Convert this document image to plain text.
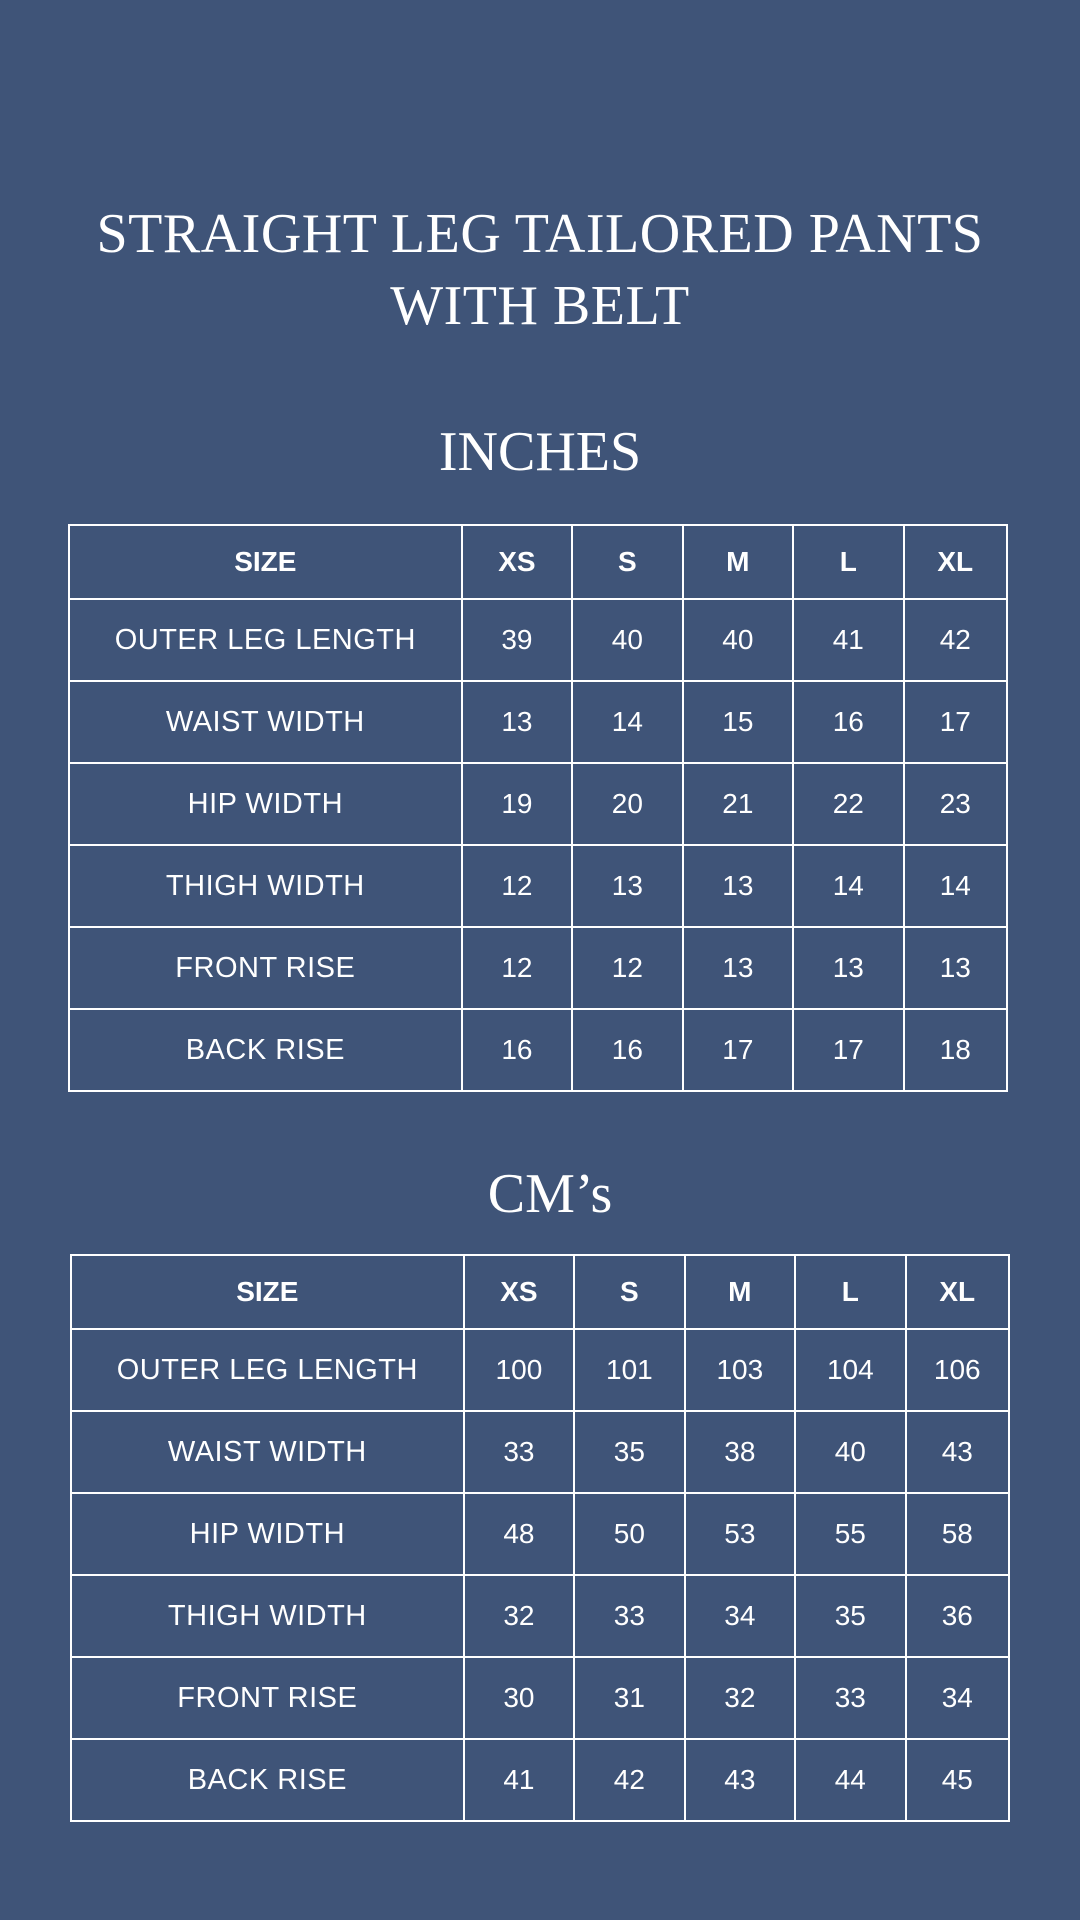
STRAIGHT LEG TAILORED PANTS
WITH BELT
INCHES
SIZE	XS	S	M	L	XL
OUTER LEG LENGTH	39	40	40	41	42
WAIST WIDTH	13	14	15	16	17
HIP WIDTH	19	20	21	22	23
THIGH WIDTH	12	13	13	14	14
FRONT RISE	12	12	13	13	13
BACK RISE	16	16	17	17	18
CM’s
SIZE	XS	S	M	L	XL
OUTER LEG LENGTH	100	101	103	104	106
WAIST WIDTH	33	35	38	40	43
HIP WIDTH	48	50	53	55	58
THIGH WIDTH	32	33	34	35	36
FRONT RISE	30	31	32	33	34
BACK RISE	41	42	43	44	45
